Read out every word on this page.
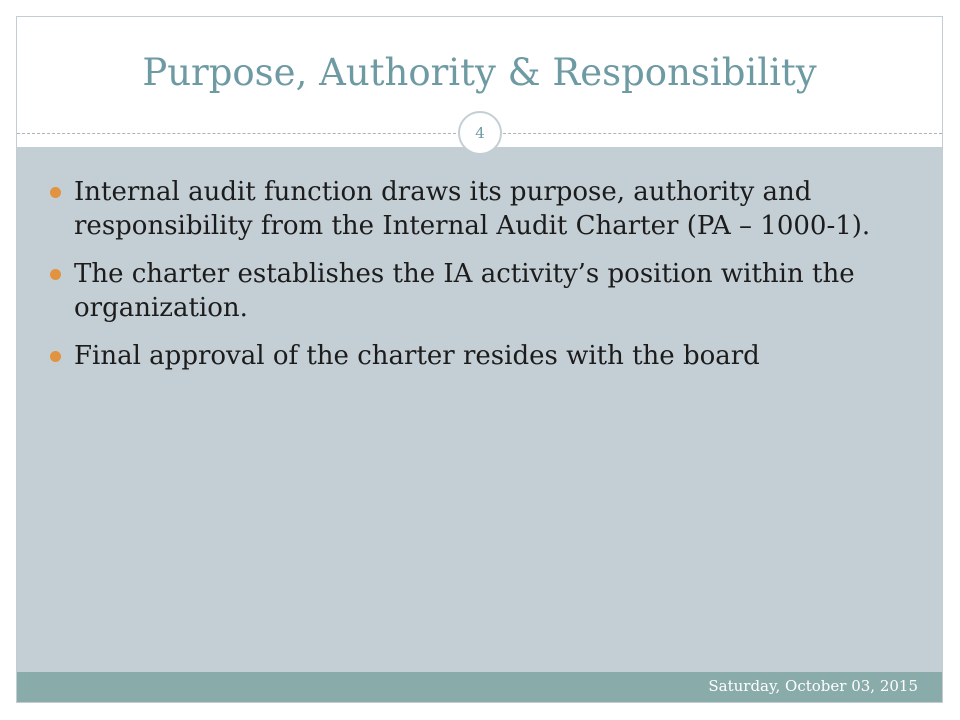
Purpose, Authority & Responsibility
4
Internal audit function draws its purpose, authority and responsibility from the Internal Audit Charter (PA – 1000-1).
The charter establishes the IA activity’s position within the organization.
Final approval of the charter resides with the board
Saturday, October 03, 2015
